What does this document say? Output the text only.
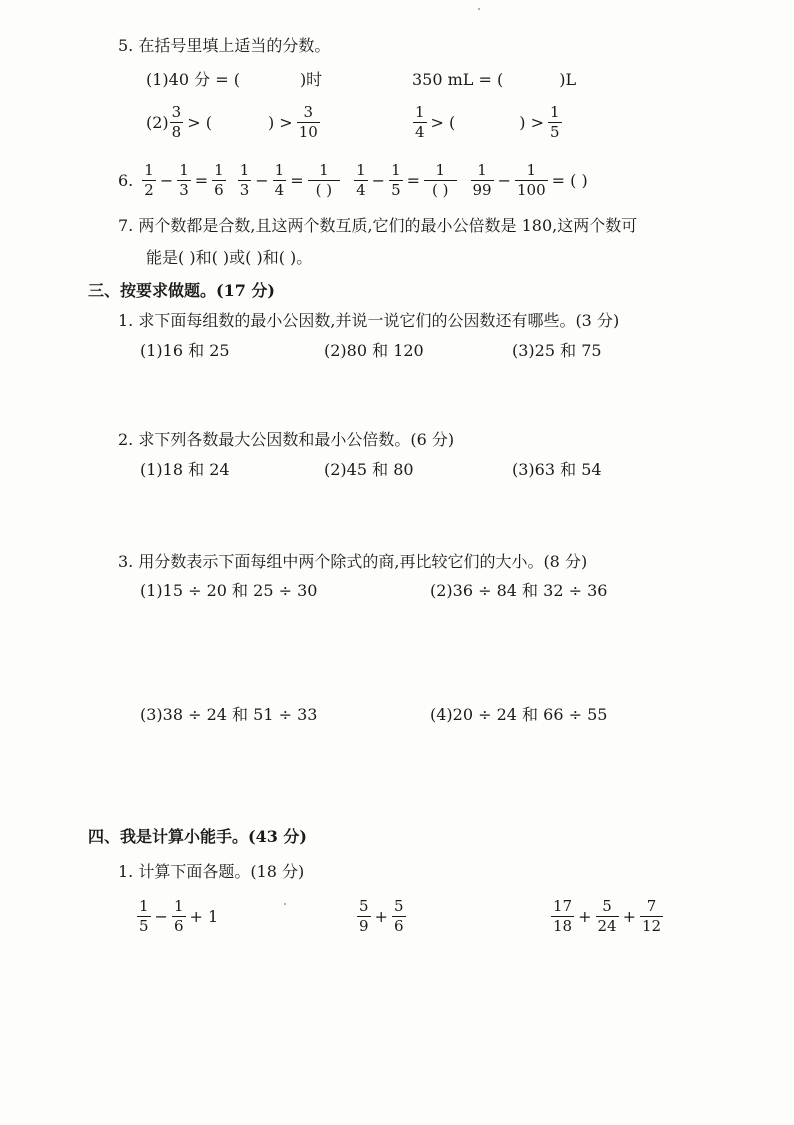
5. 在括号里填上适当的分数。
(1)40 分 = (	)时	350 mL = (	)L
$(2) \frac{3}{8}$ > (	) > $\frac{3}{10}$	$\frac{1}{4}$ > (	) > $\frac{1}{5}$
6. $\frac{1}{2} - \frac{1}{3} = \frac{1}{6} \frac{1}{3} - \frac{1}{4} = \frac{1}{( )} \frac{1}{4} - \frac{1}{5} = \frac{1}{( )} \frac{1}{99} - \frac{1}{100}$ = ( )
7. 两个数都是合数,且这两个数互质,它们的最小公倍数是 180,这两个数可
能是( )和( )或( )和( )。
三、按要求做题。(17 分)
1. 求下面每组数的最小公因数,并说一说它们的公因数还有哪些。(3 分)
(1)16 和 25	(2)80 和 120	(3)25 和 75
2. 求下列各数最大公因数和最小公倍数。(6 分)
(1)18 和 24	(2)45 和 80	(3)63 和 54
3. 用分数表示下面每组中两个除式的商,再比较它们的大小。(8 分)
(1)15 ÷ 20 和 25 ÷ 30	(2)36 ÷ 84 和 32 ÷ 36
(3)38 ÷ 24 和 51 ÷ 33	(4)20 ÷ 24 和 66 ÷ 55
四、我是计算小能手。(43 分)
1. 计算下面各题。(18 分)
$\frac{1}{5} - \frac{1}{6} + 1$	$\frac{5}{9} + \frac{5}{6}$	$\frac{17}{18} + \frac{5}{24} + \frac{7}{12}$
